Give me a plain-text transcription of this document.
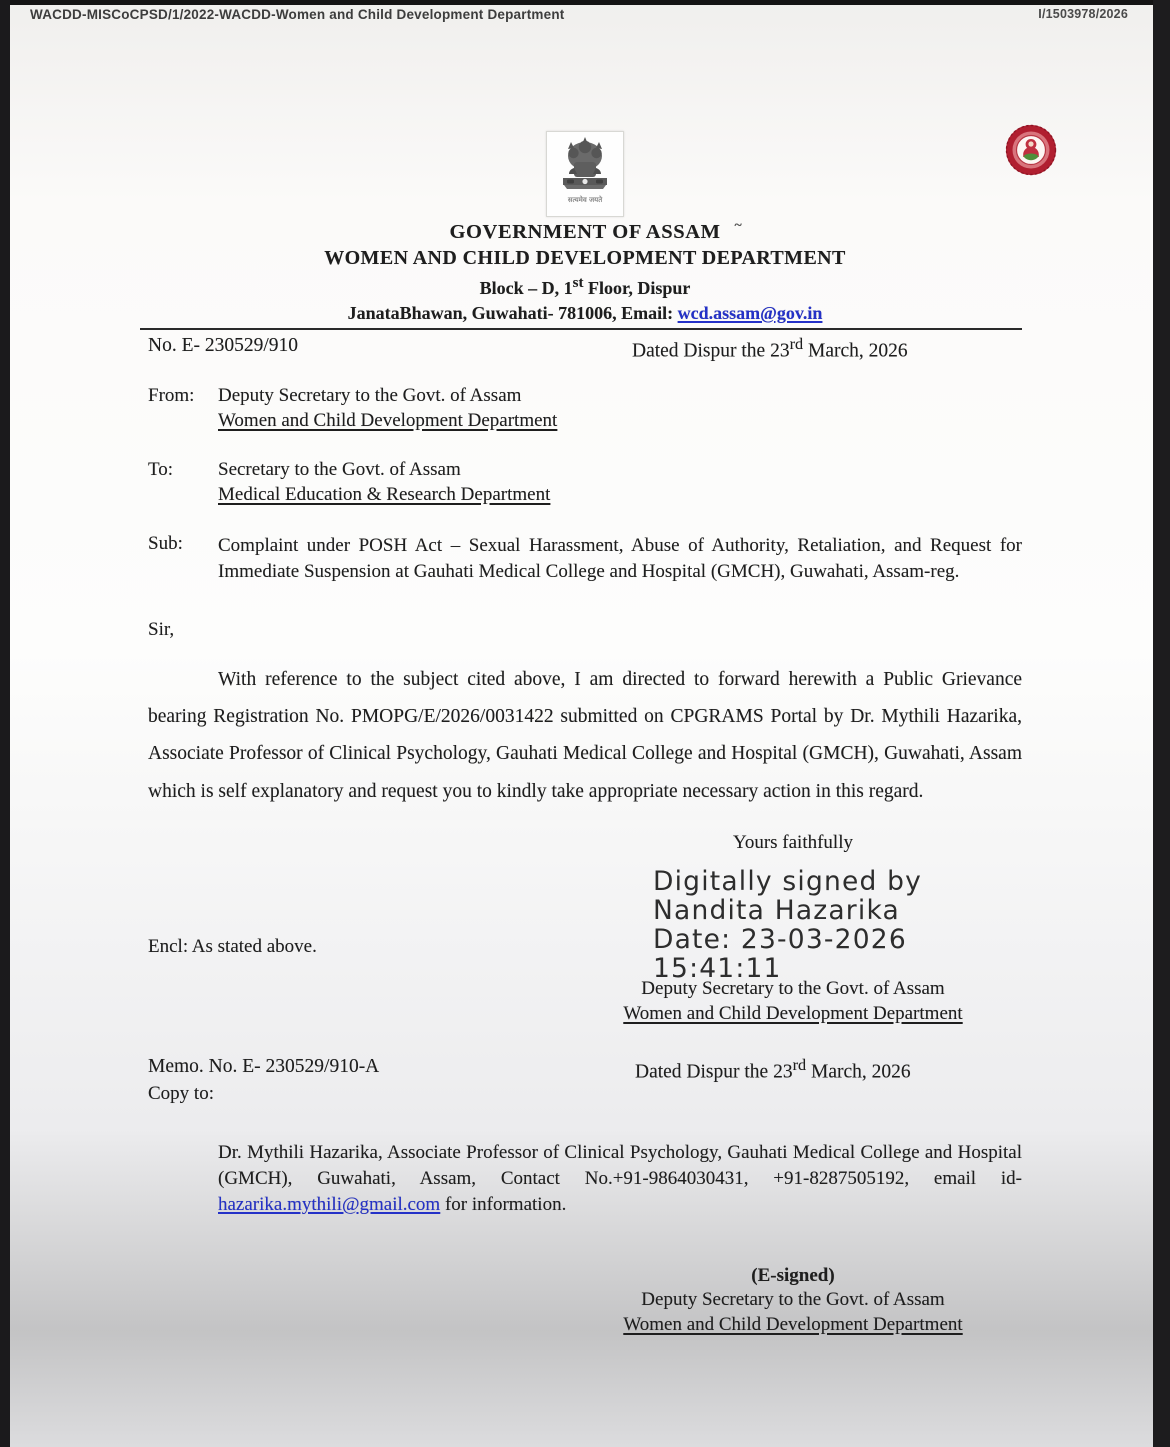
WACDD-MISCoCPSD/1/2022-WACDD-Women and Child Development Department	I/1503978/2026
सत्यमेव जयते
GOVERNMENT OF ASSAM ~
WOMEN AND CHILD DEVELOPMENT DEPARTMENT
Block – D, 1st Floor, Dispur
JanataBhawan, Guwahati- 781006, Email: wcd.assam@gov.in
No. E- 230529/910	Dated Dispur the 23rd March, 2026
From:	Deputy Secretary to the Govt. of Assam
Women and Child Development Department
To:	Secretary to the Govt. of Assam
Medical Education & Research Department
Sub:	Complaint under POSH Act – Sexual Harassment, Abuse of Authority, Retaliation, and Request for Immediate Suspension at Gauhati Medical College and Hospital (GMCH), Guwahati, Assam-reg.
Sir,
With reference to the subject cited above, I am directed to forward herewith a Public Grievance bearing Registration No. PMOPG/E/2026/0031422 submitted on CPGRAMS Portal by Dr. Mythili Hazarika, Associate Professor of Clinical Psychology, Gauhati Medical College and Hospital (GMCH), Guwahati, Assam which is self explanatory and request you to kindly take appropriate necessary action in this regard.
Yours faithfully
Digitally signed by
Nandita Hazarika
Date: 23-03-2026
15:41:11
Encl: As stated above.
Deputy Secretary to the Govt. of Assam
Women and Child Development Department
Memo. No. E- 230529/910-A	Dated Dispur the 23rd March, 2026
Copy to:
Dr. Mythili Hazarika, Associate Professor of Clinical Psychology, Gauhati Medical College and Hospital (GMCH), Guwahati, Assam, Contact No.+91-9864030431, +91-8287505192, email id- hazarika.mythili@gmail.com for information.
(E-signed)
Deputy Secretary to the Govt. of Assam
Women and Child Development Department
